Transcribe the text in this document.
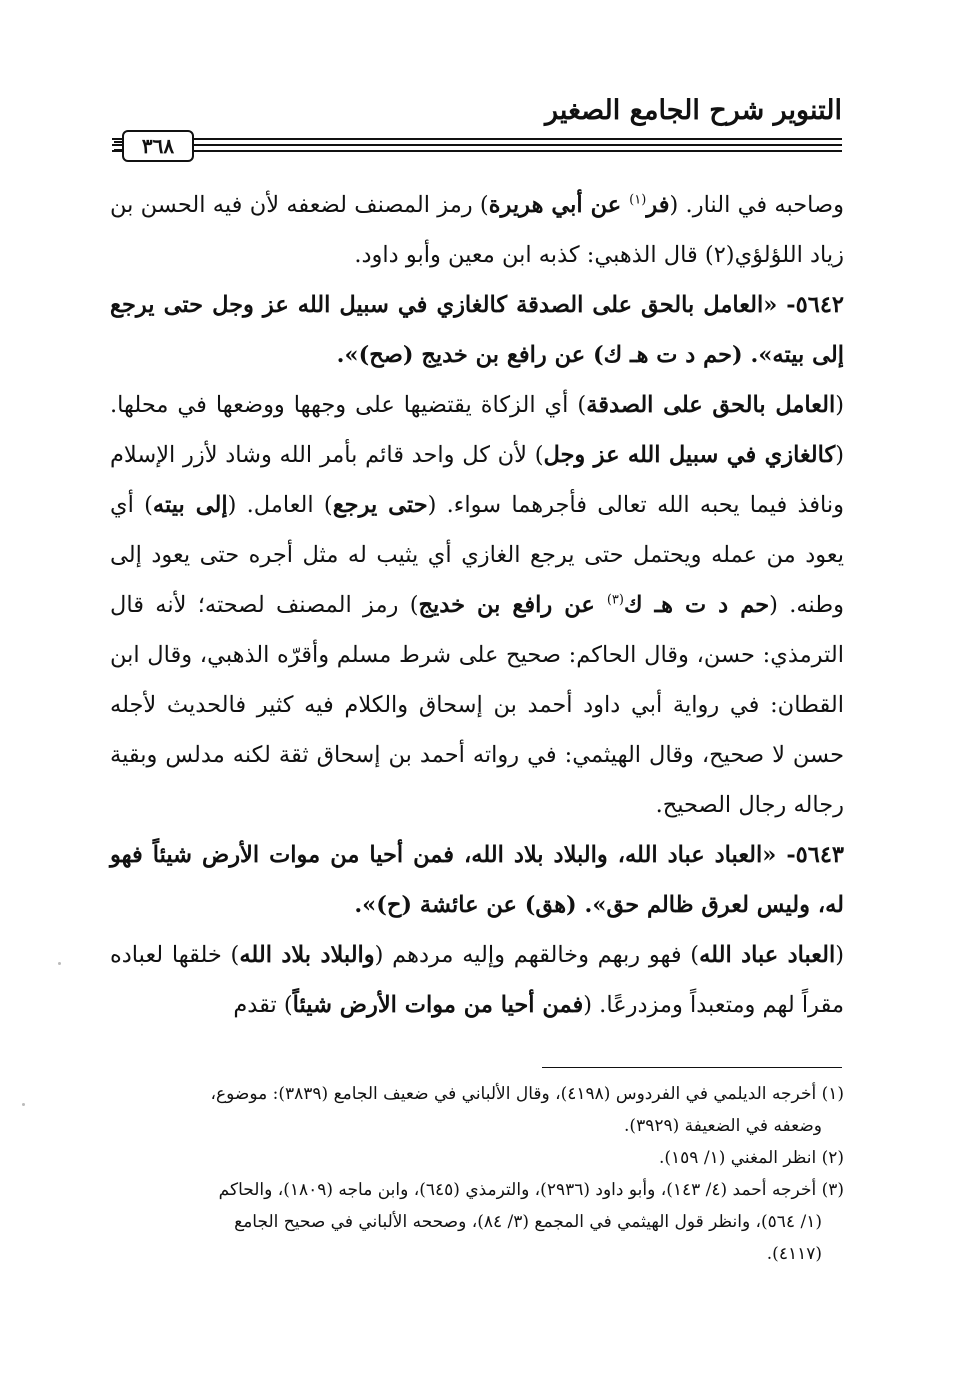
التنوير شرح الجامع الصغير
٣٦٨

وصاحبه في النار. (فر$^{(١)}$ عن أبي هريرة) رمز المصنف لضعفه لأن فيه الحسن بن زياد اللؤلؤي(٢) قال الذهبي: كذبه ابن معين وأبو داود.

٥٦٤٢- «العامل بالحق على الصدقة كالغازي في سبيل الله عز وجل حتى يرجع إلى بيته». (حم د ت هـ ك) عن رافع بن خديج (صح)».

(العامل بالحق على الصدقة) أي الزكاة يقتضيها على وجهها ووضعها في محلها. (كالغازي في سبيل الله عز وجل) لأن كل واحد قائم بأمر الله وشاد لأزر الإسلام ونافذ فيما يحبه الله تعالى فأجرهما سواء. (حتى يرجع) العامل. (إلى بيته) أي يعود من عمله ويحتمل حتى يرجع الغازي أي يثيب له مثل أجره حتى يعود إلى وطنه. (حم د ت هـ ك$^{(٣)}$ عن رافع بن خديج) رمز المصنف لصحته؛ لأنه قال الترمذي: حسن، وقال الحاكم: صحيح على شرط مسلم وأقرّه الذهبي، وقال ابن القطان: في رواية أبي داود أحمد بن إسحاق والكلام فيه كثير فالحديث لأجله حسن لا صحيح، وقال الهيثمي: في رواته أحمد بن إسحاق ثقة لكنه مدلس وبقية رجاله رجال الصحيح.

٥٦٤٣- «العباد عباد الله، والبلاد بلاد الله، فمن أحيا من موات الأرض شيئاً فهو له، وليس لعرق ظالم حق». (هق) عن عائشة (ح)».

(العباد عباد الله) فهو ربهم وخالقهم وإليه مردهم (والبلاد بلاد الله) خلقها لعباده مقراً لهم ومتعبداً ومزدرعًا. (فمن أحيا من موات الأرض شيئاً) تقدم

(١) أخرجه الديلمي في الفردوس (٤١٩٨)، وقال الألباني في ضعيف الجامع (٣٨٣٩): موضوع،

وضعفه في الضعيفة (٣٩٢٩).

(٢) انظر المغني (١/ ١٥٩).

(٣) أخرجه أحمد (٤/ ١٤٣)، وأبو داود (٢٩٣٦)، والترمذي (٦٤٥)، وابن ماجه (١٨٠٩)، والحاكم

(١/ ٥٦٤)، وانظر قول الهيثمي في المجمع (٣/ ٨٤)، وصححه الألباني في صحيح الجامع

(٤١١٧).
